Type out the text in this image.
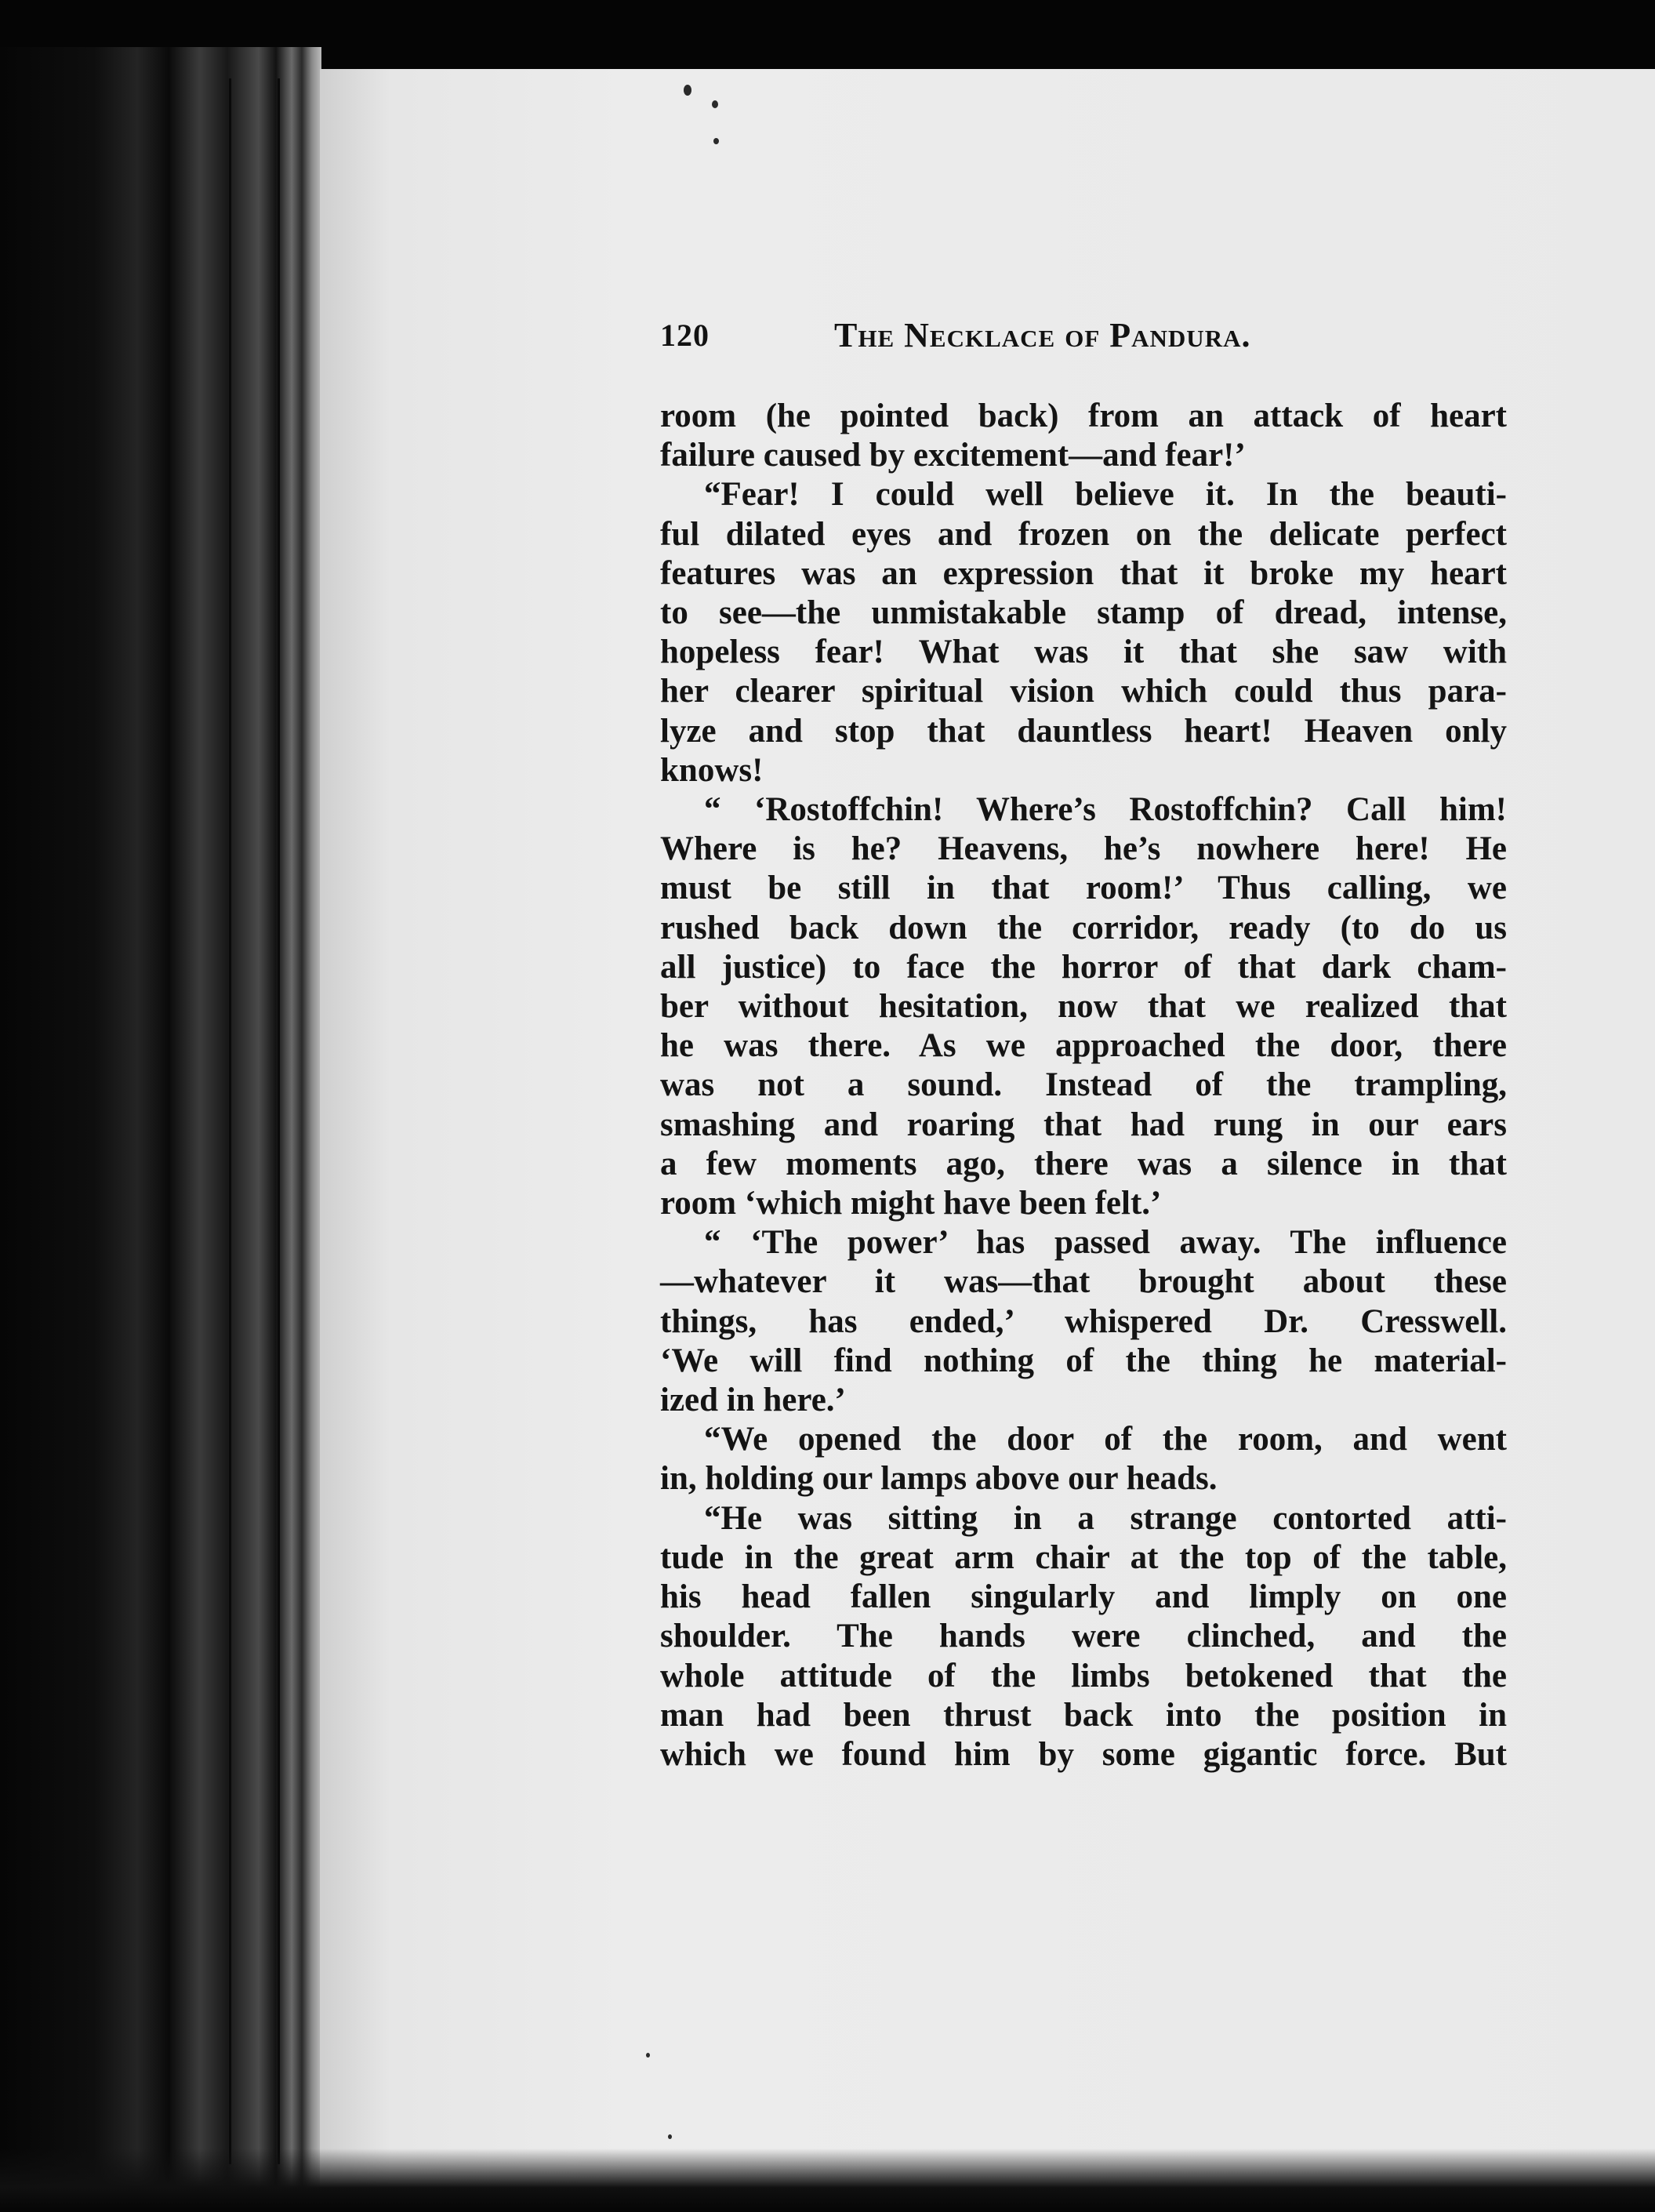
120	The Necklace of Pandura.
room (he pointed back) from an attack of heart
failure caused by excitement—and fear!’
“Fear! I could well believe it. In the beauti-
ful dilated eyes and frozen on the delicate perfect
features was an expression that it broke my heart
to see—the unmistakable stamp of dread, intense,
hopeless fear! What was it that she saw with
her clearer spiritual vision which could thus para-
lyze and stop that dauntless heart! Heaven only
knows!
“ ‘Rostoffchin! Where’s Rostoffchin? Call him!
Where is he? Heavens, he’s nowhere here! He
must be still in that room!’ Thus calling, we
rushed back down the corridor, ready (to do us
all justice) to face the horror of that dark cham-
ber without hesitation, now that we realized that
he was there. As we approached the door, there
was not a sound. Instead of the trampling,
smashing and roaring that had rung in our ears
a few moments ago, there was a silence in that
room ‘which might have been felt.’
“ ‘The power’ has passed away. The influence
—whatever it was—that brought about these
things, has ended,’ whispered Dr. Cresswell.
‘We will find nothing of the thing he material-
ized in here.’
“We opened the door of the room, and went
in, holding our lamps above our heads.
“He was sitting in a strange contorted atti-
tude in the great arm chair at the top of the table,
his head fallen singularly and limply on one
shoulder. The hands were clinched, and the
whole attitude of the limbs betokened that the
man had been thrust back into the position in
which we found him by some gigantic force. But
